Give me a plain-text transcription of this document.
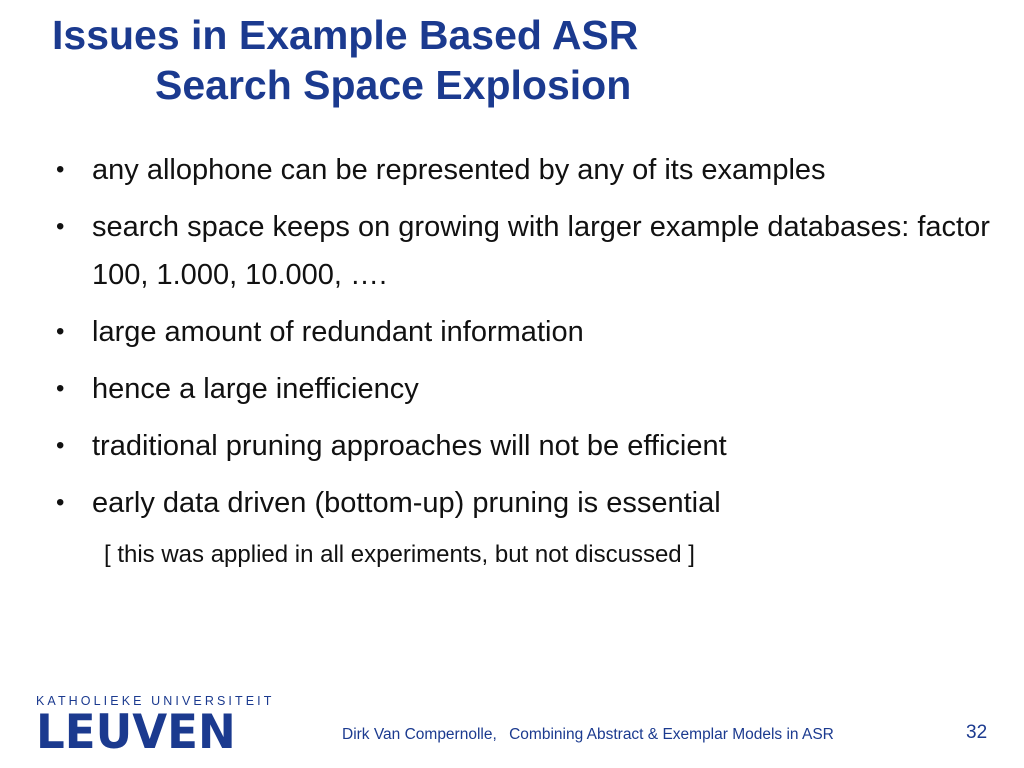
Issues in Example Based ASR
Search Space Explosion
• any allophone can be represented by any of its examples
• search space keeps on growing with larger example databases: factor 100, 1.000, 10.000, ….
• large amount of redundant information
• hence a large inefficiency
• traditional pruning approaches will not be efficient
• early data driven (bottom-up) pruning is essential
[ this was applied in all experiments, but not discussed ]
KATHOLIEKE UNIVERSITEIT
LEUVEN	Dirk Van Compernolle, Combining Abstract & Exemplar Models in ASR	32
